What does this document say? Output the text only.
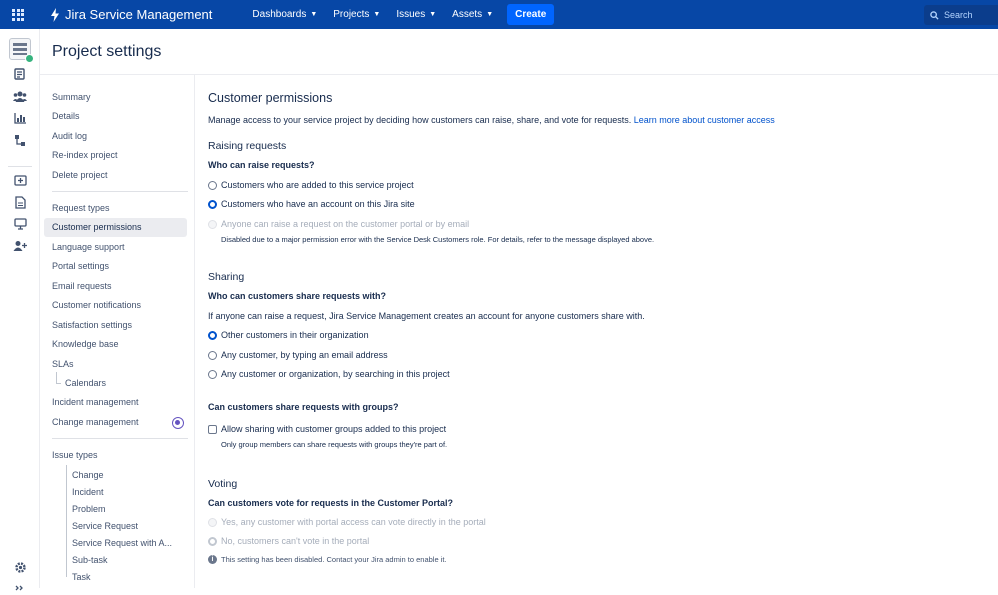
Jira Service Management	Dashboards ▼ Projects ▼ Issues ▼ Assets ▼	Create	Search
Project settings
Summary
Details
Audit log
Re-index project
Delete project
Request types
Customer permissions
Language support
Portal settings
Email requests
Customer notifications
Satisfaction settings
Knowledge base
SLAs
Calendars
Incident management
Change management
Issue types
Change
Incident
Problem
Service Request
Service Request with A...
Sub-task
Task
Customer permissions
Manage access to your service project by deciding how customers can raise, share, and vote for requests. Learn more about customer access
Raising requests
Who can raise requests?
Customers who are added to this service project
Customers who have an account on this Jira site
Anyone can raise a request on the customer portal or by email
Disabled due to a major permission error with the Service Desk Customers role. For details, refer to the message displayed above.
Sharing
Who can customers share requests with?
If anyone can raise a request, Jira Service Management creates an account for anyone customers share with.
Other customers in their organization
Any customer, by typing an email address
Any customer or organization, by searching in this project
Can customers share requests with groups?
Allow sharing with customer groups added to this project
Only group members can share requests with groups they're part of.
Voting
Can customers vote for requests in the Customer Portal?
Yes, any customer with portal access can vote directly in the portal
No, customers can't vote in the portal
i	This setting has been disabled. Contact your Jira admin to enable it.
